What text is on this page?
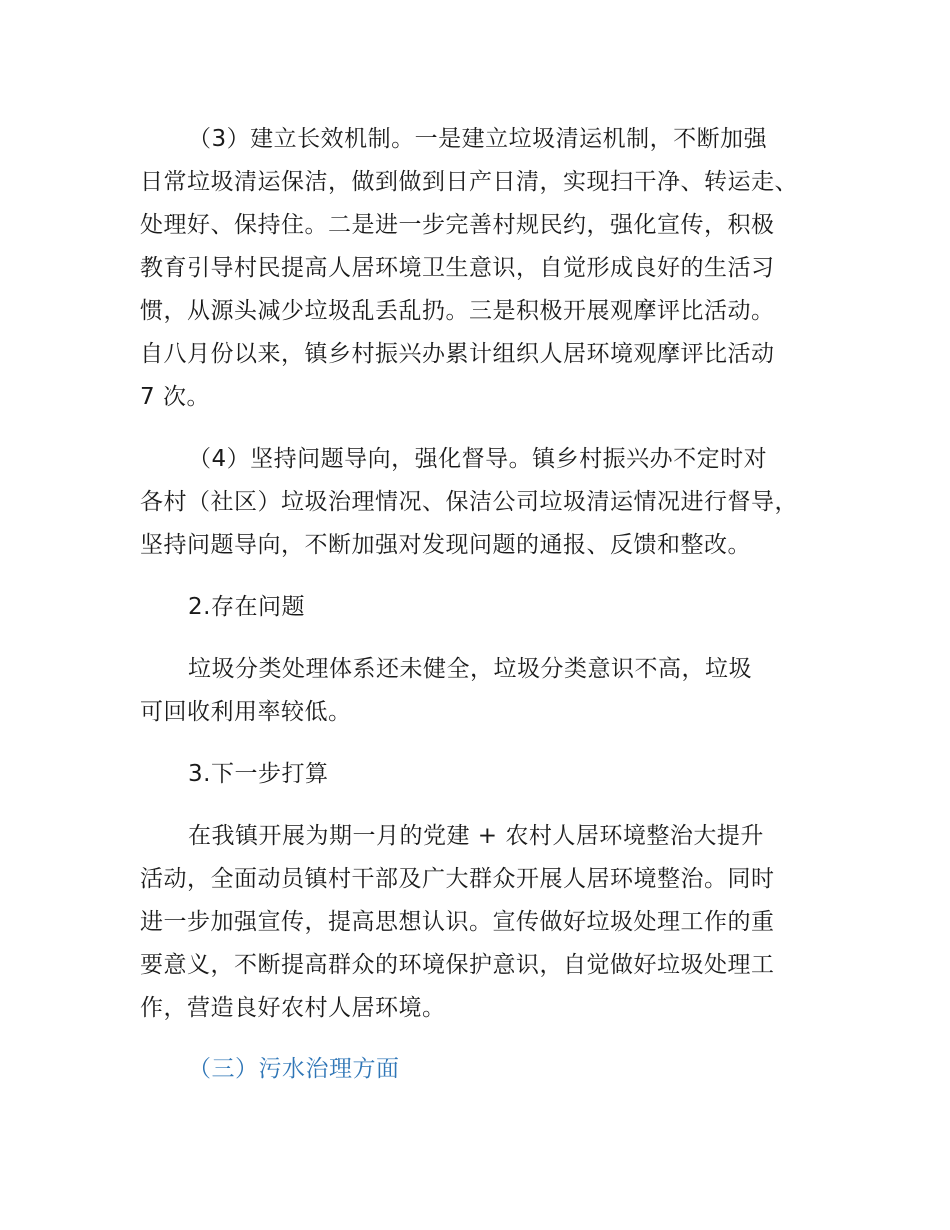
（3）建立长效机制。一是建立垃圾清运机制，不断加强
日常垃圾清运保洁，做到做到日产日清，实现扫干净、转运走、
处理好、保持住。二是进一步完善村规民约，强化宣传，积极
教育引导村民提高人居环境卫生意识，自觉形成良好的生活习
惯，从源头减少垃圾乱丢乱扔。三是积极开展观摩评比活动。
自八月份以来，镇乡村振兴办累计组织人居环境观摩评比活动
7 次。
（4）坚持问题导向，强化督导。镇乡村振兴办不定时对
各村（社区）垃圾治理情况、保洁公司垃圾清运情况进行督导，
坚持问题导向，不断加强对发现问题的通报、反馈和整改。
2.存在问题
垃圾分类处理体系还未健全，垃圾分类意识不高，垃圾
可回收利用率较低。
3.下一步打算
在我镇开展为期一月的党建 + 农村人居环境整治大提升
活动，全面动员镇村干部及广大群众开展人居环境整治。同时
进一步加强宣传，提高思想认识。宣传做好垃圾处理工作的重
要意义，不断提高群众的环境保护意识，自觉做好垃圾处理工
作，营造良好农村人居环境。
（三）污水治理方面
